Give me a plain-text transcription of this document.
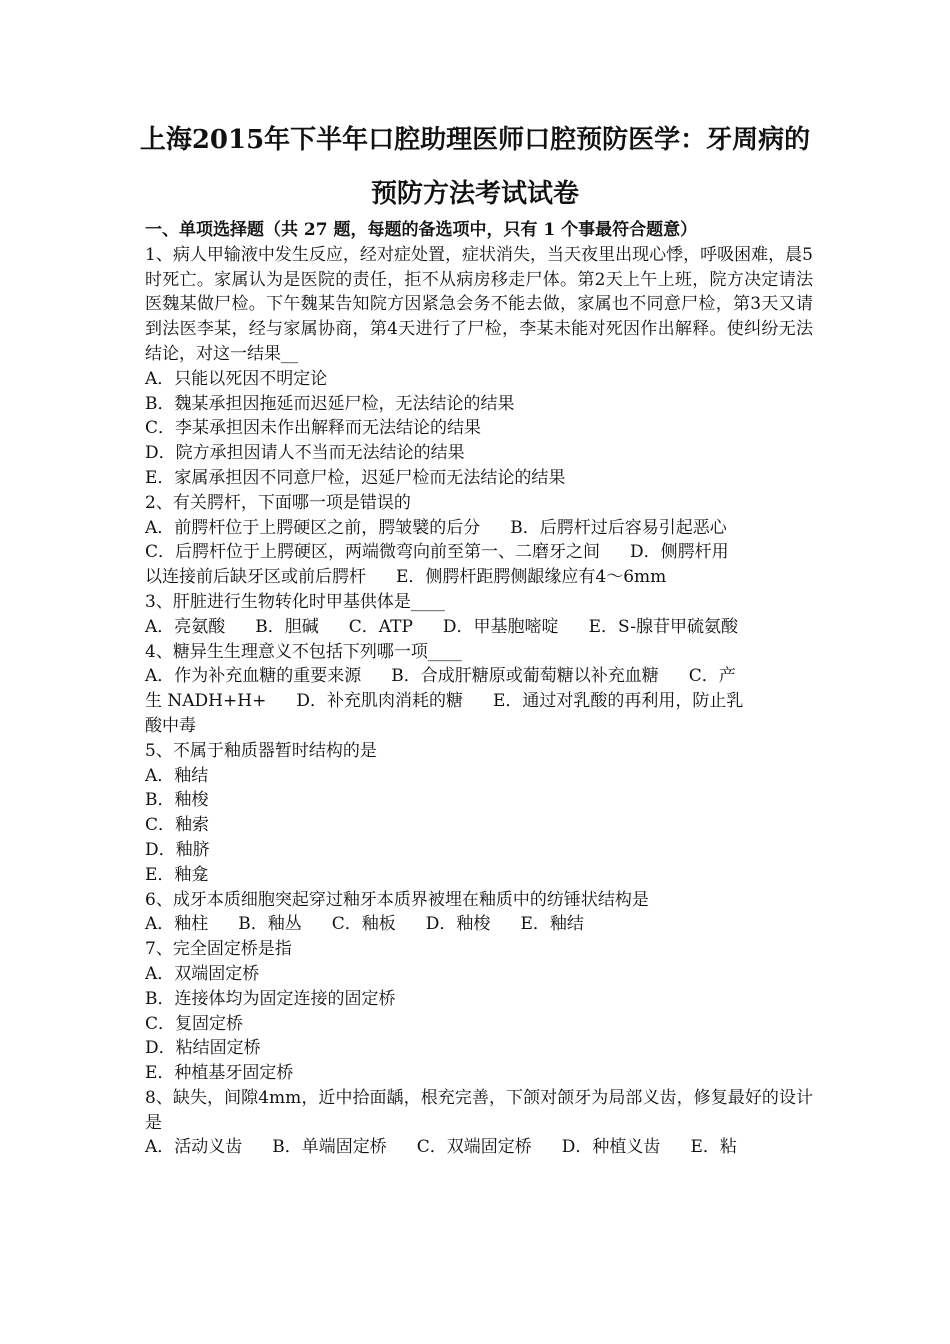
上海2015年下半年口腔助理医师口腔预防医学：牙周病的
预防方法考试试卷
一、单项选择题（共 27 题，每题的备选项中，只有 1 个事最符合题意）
1、病人甲输液中发生反应，经对症处置，症状消失，当天夜里出现心悸，呼吸困难，晨5时死亡。家属认为是医院的责任，拒不从病房移走尸体。第2天上午上班，院方决定请法医魏某做尸检。下午魏某告知院方因紧急会务不能去做，家属也不同意尸检，第3天又请到法医李某，经与家属协商，第4天进行了尸检，李某未能对死因作出解释。使纠纷无法结论，对这一结果__
A．只能以死因不明定论
B．魏某承担因拖延而迟延尸检，无法结论的结果
C．李某承担因未作出解释而无法结论的结果
D．院方承担因请人不当而无法结论的结果
E．家属承担因不同意尸检，迟延尸检而无法结论的结果
2、有关腭杆，下面哪一项是错误的
A．前腭杆位于上腭硬区之前，腭皱襞的后分 B．后腭杆过后容易引起恶心
C．后腭杆位于上腭硬区，两端微弯向前至第一、二磨牙之间 D．侧腭杆用
以连接前后缺牙区或前后腭杆 E．侧腭杆距腭侧龈缘应有4～6mm
3、肝脏进行生物转化时甲基供体是____
A．亮氨酸 B．胆碱 C．ATP D．甲基胞嘧啶 E．S-腺苷甲硫氨酸
4、糖异生生理意义不包括下列哪一项____
A．作为补充血糖的重要来源 B．合成肝糖原或葡萄糖以补充血糖 C．产
生 NADH+H+ D．补充肌肉消耗的糖 E．通过对乳酸的再利用，防止乳
酸中毒
5、不属于釉质器暂时结构的是
A．釉结
B．釉梭
C．釉索
D．釉脐
E．釉龛
6、成牙本质细胞突起穿过釉牙本质界被埋在釉质中的纺锤状结构是
A．釉柱 B．釉丛 C．釉板 D．釉梭 E．釉结
7、完全固定桥是指
A．双端固定桥
B．连接体均为固定连接的固定桥
C．复固定桥
D．粘结固定桥
E．种植基牙固定桥
8、缺失，间隙4mm，近中拾面龋，根充完善，下颌对颌牙为局部义齿，修复最好的设计是
A．活动义齿 B．单端固定桥 C．双端固定桥 D．种植义齿 E．粘
